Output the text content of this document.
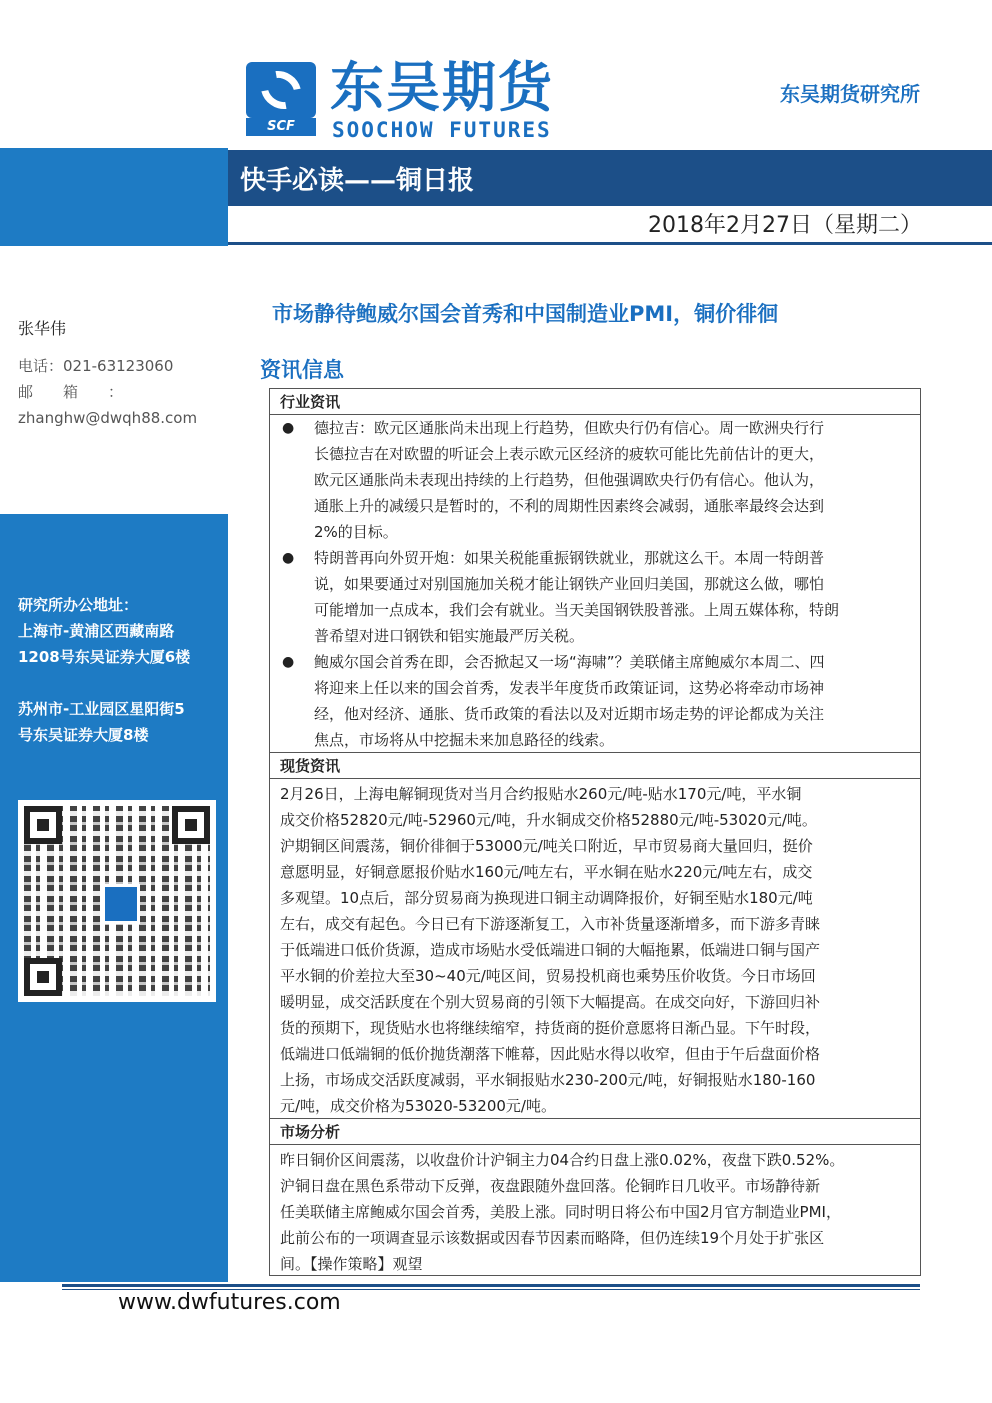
东吴期货研究所
张华伟
电话：021-63123060
邮　　箱　　：
zhanghw@dwqh88.com
期市有风险，入市需谨慎！
研究所办公地址：
上海市-黄浦区西藏南路
1208号东吴证券大厦6楼
苏州市-工业园区星阳街5
号东吴证券大厦8楼
SCF
东吴期货
SOOCHOW FUTURES
东吴期货研究所
快手必读——铜日报
2018年2月27日（星期二）
市场静待鲍威尔国会首秀和中国制造业PMI，铜价徘徊
资讯信息
行业资讯
● 德拉吉：欧元区通胀尚未出现上行趋势，但欧央行仍有信心。周一欧洲央行行
长德拉吉在对欧盟的听证会上表示欧元区经济的疲软可能比先前估计的更大，
欧元区通胀尚未表现出持续的上行趋势，但他强调欧央行仍有信心。他认为，
通胀上升的减缓只是暂时的，不利的周期性因素终会减弱，通胀率最终会达到
2%的目标。
● 特朗普再向外贸开炮：如果关税能重振钢铁就业，那就这么干。本周一特朗普
说，如果要通过对别国施加关税才能让钢铁产业回归美国，那就这么做，哪怕
可能增加一点成本，我们会有就业。当天美国钢铁股普涨。上周五媒体称，特朗
普希望对进口钢铁和铝实施最严厉关税。
● 鲍威尔国会首秀在即，会否掀起又一场“海啸”？美联储主席鲍威尔本周二、四
将迎来上任以来的国会首秀，发表半年度货币政策证词，这势必将牵动市场神
经，他对经济、通胀、货币政策的看法以及对近期市场走势的评论都成为关注
焦点，市场将从中挖掘未来加息路径的线索。
现货资讯
2月26日，上海电解铜现货对当月合约报贴水260元/吨-贴水170元/吨，平水铜
成交价格52820元/吨-52960元/吨，升水铜成交价格52880元/吨-53020元/吨。
沪期铜区间震荡，铜价徘徊于53000元/吨关口附近，早市贸易商大量回归，挺价
意愿明显，好铜意愿报价贴水160元/吨左右，平水铜在贴水220元/吨左右，成交
多观望。10点后，部分贸易商为换现进口铜主动调降报价，好铜至贴水180元/吨
左右，成交有起色。今日已有下游逐渐复工，入市补货量逐渐增多，而下游多青睐
于低端进口低价货源，造成市场贴水受低端进口铜的大幅拖累，低端进口铜与国产
平水铜的价差拉大至30~40元/吨区间，贸易投机商也乘势压价收货。今日市场回
暖明显，成交活跃度在个别大贸易商的引领下大幅提高。在成交向好，下游回归补
货的预期下，现货贴水也将继续缩窄，持货商的挺价意愿将日渐凸显。下午时段，
低端进口低端铜的低价抛货潮落下帷幕，因此贴水得以收窄，但由于午后盘面价格
上扬，市场成交活跃度减弱，平水铜报贴水230-200元/吨，好铜报贴水180-160
元/吨，成交价格为53020-53200元/吨。
市场分析
昨日铜价区间震荡，以收盘价计沪铜主力04合约日盘上涨0.02%，夜盘下跌0.52%。
沪铜日盘在黑色系带动下反弹，夜盘跟随外盘回落。伦铜昨日几收平。市场静待新
任美联储主席鲍威尔国会首秀，美股上涨。同时明日将公布中国2月官方制造业PMI，
此前公布的一项调查显示该数据或因春节因素而略降，但仍连续19个月处于扩张区
间。【操作策略】观望
www.dwfutures.com
